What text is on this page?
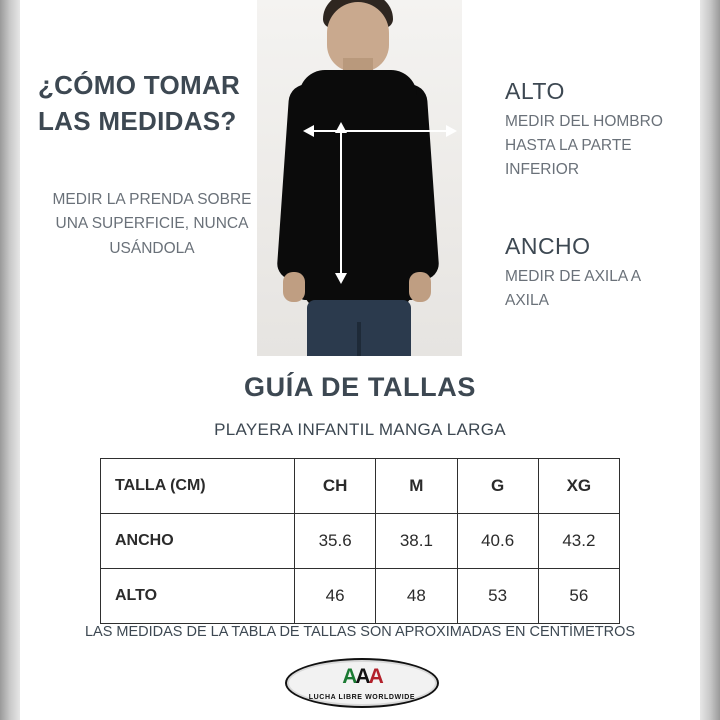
¿CÓMO TOMAR LAS MEDIDAS?
MEDIR LA PRENDA SOBRE UNA SUPERFICIE, NUNCA USÁNDOLA
ALTO
MEDIR DEL HOMBRO HASTA LA PARTE INFERIOR
ANCHO
MEDIR DE AXILA A AXILA
GUÍA DE TALLAS
PLAYERA INFANTIL MANGA LARGA
TALLA (CM)	CH	M	G	XG
ANCHO	35.6	38.1	40.6	43.2
ALTO	46	48	53	56
LAS MEDIDAS DE LA TABLA DE TALLAS SON APROXIMADAS EN CENTÍMETROS
AAA
LUCHA LIBRE WORLDWIDE
